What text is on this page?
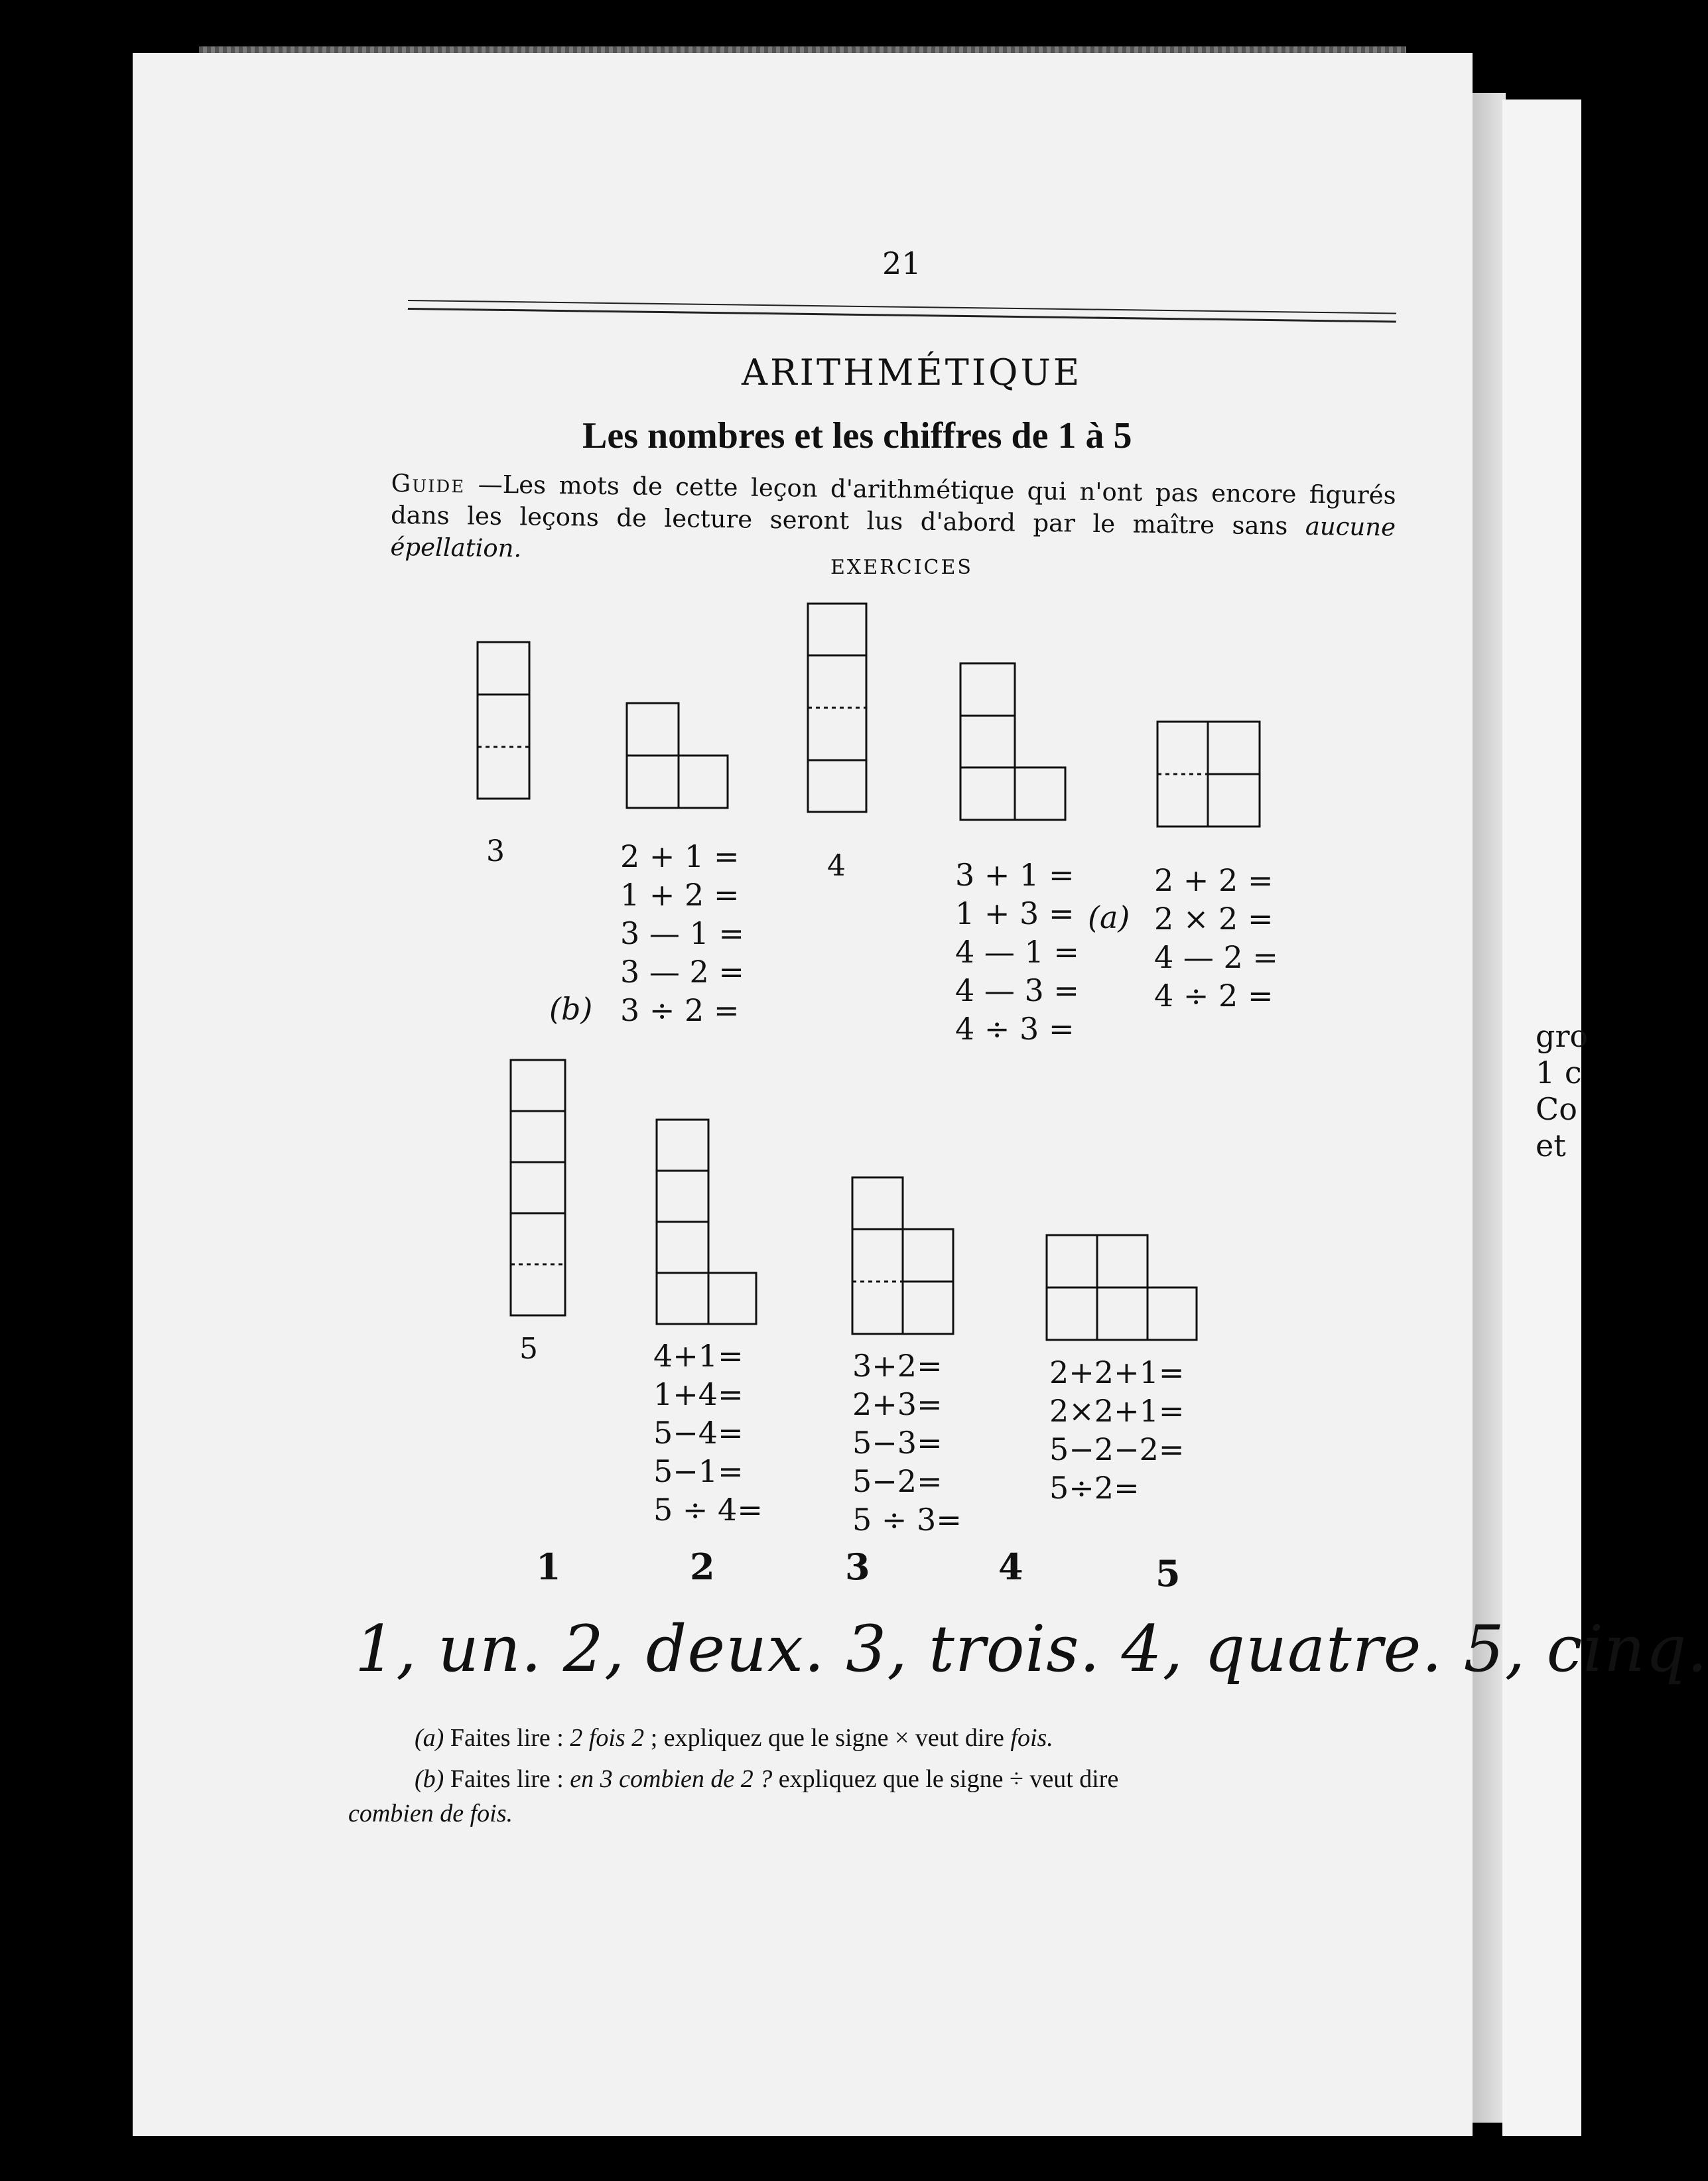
gro
1 c
Co
et
21
ARITHMÉTIQUE
Les nombres et les chiffres de 1 à 5
Guide —Les mots de cette leçon d'arithmétique qui n'ont pas encore figurés dans les leçons de lecture seront lus d'abord par le maître sans aucune épellation.
EXERCICES
3	2 + 1 =
1 + 2 =
3 — 1 =
3 — 2 =
3 ÷ 2 =
(b)
4	3 + 1 =
1 + 3 =
4 — 1 =
4 — 3 =
4 ÷ 3 =
2 + 2 =
2 × 2 =
4 — 2 =
4 ÷ 2 =
(a)
5	4+1=
1+4=
5−4=
5−1=
5 ÷ 4=
3+2=
2+3=
5−3=
5−2=
5 ÷ 3=
2+2+1=
2×2+1=
5−2−2=
5÷2=
1	2	3	4	5
1, un. 2, deux. 3, trois. 4, quatre. 5, cinq.
(a) Faites lire : 2 fois 2 ; expliquez que le signe × veut dire fois.
(b) Faites lire : en 3 combien de 2 ? expliquez que le signe ÷ veut dire
combien de fois.
